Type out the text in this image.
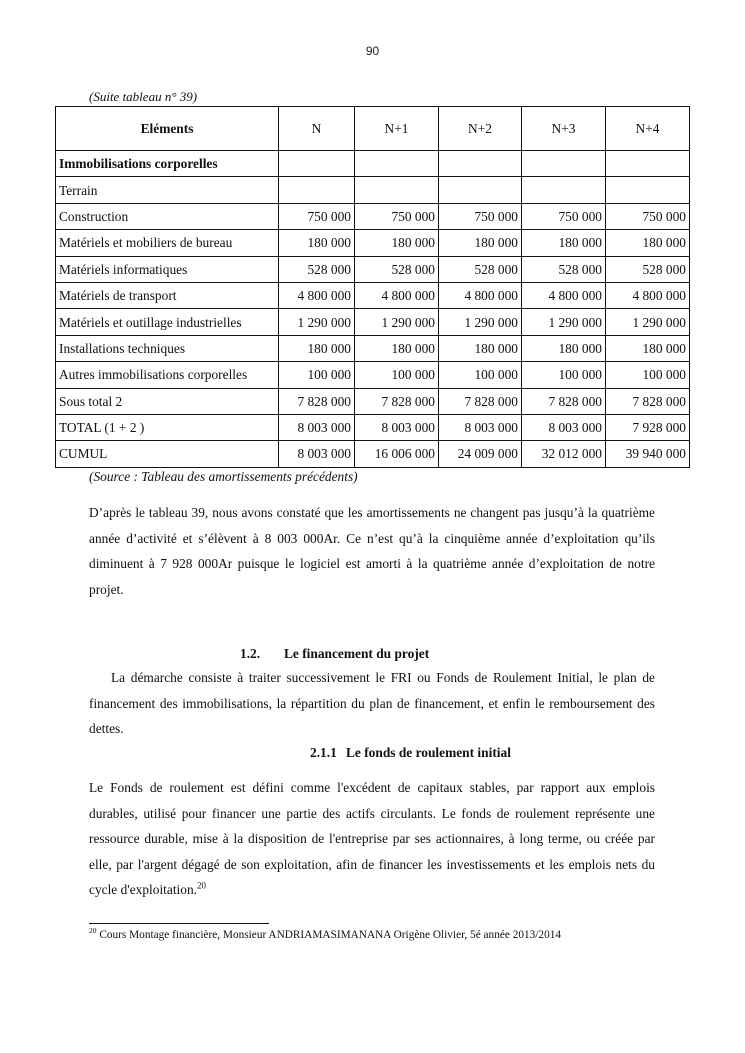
90
(Suite tableau n° 39)
Eléments	N	N+1	N+2	N+3	N+4
Immobilisations corporelles					
Terrain					
Construction	750 000	750 000	750 000	750 000	750 000
Matériels et mobiliers de bureau	180 000	180 000	180 000	180 000	180 000
Matériels informatiques	528 000	528 000	528 000	528 000	528 000
Matériels de transport	4 800 000	4 800 000	4 800 000	4 800 000	4 800 000
Matériels et outillage industrielles	1 290 000	1 290 000	1 290 000	1 290 000	1 290 000
Installations techniques	180 000	180 000	180 000	180 000	180 000
Autres immobilisations corporelles	100 000	100 000	100 000	100 000	100 000
Sous total 2	7 828 000	7 828 000	7 828 000	7 828 000	7 828 000
TOTAL (1 + 2 )	8 003 000	8 003 000	8 003 000	8 003 000	7 928 000
CUMUL	8 003 000	16 006 000	24 009 000	32 012 000	39 940 000
(Source : Tableau des amortissements précédents)
D’après le tableau 39, nous avons constaté que les amortissements ne changent pas jusqu’à la quatrième année d’activité et s’élèvent à 8 003 000Ar. Ce n’est qu’à la cinquième année d’exploitation qu’ils diminuent à 7 928 000Ar puisque le logiciel est amorti à la quatrième année d’exploitation de notre projet.
1.2. Le financement du projet
La démarche consiste à traiter successivement le FRI ou Fonds de Roulement Initial, le plan de financement des immobilisations, la répartition du plan de financement, et enfin le remboursement des dettes.
2.1.1 Le fonds de roulement initial
Le Fonds de roulement est défini comme l'excédent de capitaux stables, par rapport aux emplois durables, utilisé pour financer une partie des actifs circulants. Le fonds de roulement représente une ressource durable, mise à la disposition de l'entreprise par ses actionnaires, à long terme, ou créée par elle, par l'argent dégagé de son exploitation, afin de financer les investissements et les emplois nets du cycle d'exploitation.$^{20}$
$^{20}$ Cours Montage financière, Monsieur ANDRIAMASIMANANA Origène Olivier, 5é année 2013/2014
